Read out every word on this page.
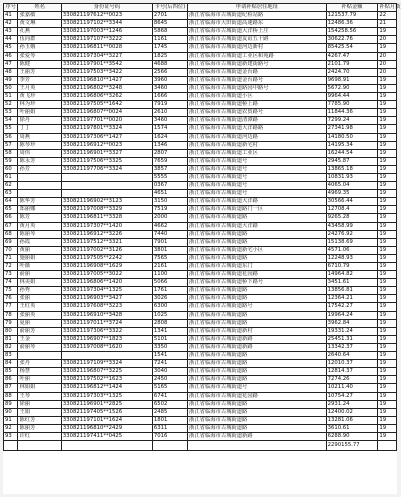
序号	姓名	身份证号码	卡号(后四位)	申请补贴居住地址	补贴金额	补贴月数
41	张嘉敏	330821197612**0023	2701	浙江省临海市古城街道纪检站路	121537.79	22
42	黄文琳	330821197102**3344	8645	浙江省临海市大田街道高速路东	12486.36	21
43	孔燕	330821197003**1246	5868	浙江省临海市古城街道大洋桥上庄	154258.56	19
44	伍向群	330821197107**3222	1161	浙江省临海市古城街道友谊五十路	30622.76	20
45	孙玉娥	330821196811**0028	1745	浙江省临海市古城街道河边新村	85425.54	19
46	张爱琴	330821197304**3227	1825	浙江省临海市古城街道工业区和苑路	4267.47	20
47	陈健	330821197901**3542	4688	浙江省临海市古城街道新建街路号	2101.79	20
48	王丽芳	330821197503**3422	2566	浙江省临海市古城街道金台路	2424.70	20
49	李芳	330821196810**1427	3960	浙江省临海市古城街道金台路号	9698.91	19
50	王月英	330821196802**3248	3460	浙江省临海市古城街道路园中路号	5672.90	19
51	黄飞珍	330821196806**3262	1666	浙江省临海市古城街道小区	9964.44	19
52	林为珍	330821197505**1642	7919	浙江省临海市古城街道桥上路	7785.90	19
53	叶丽娟	330821196807**0024	2610	浙江省临海市古城街道农贸路号	11844.36	19
54	徐丹	330821197701**0020	3460	浙江省临海市古城街道清潭路	7299.24	19
55	丁丁	330821197801**3324	1574	浙江省临海市古城街道大洋路路	27341.98	19
56	周燕	330821197306**1427	1624	浙江省临海市古城街道河边路	14180.50	19
57	陈琴珍	330821196912**0023	1346	浙江省临海市古城街道新宅村	14195.34	19
58	周伟	330821196901**3327	2807	浙江省临海市古城街道工业区	16244.54	19
59	陈永芳	330821197506**3325	7659	浙江省临海市古城街道号	2945.87	19
60	孙芳	330821197706**3324	3857	浙江省临海市古城街道号	13865.18	19
61			5555	浙江省临海市古城街道号	10831.93	19
62			0367	浙江省临海市古城街道号	4065.04	19
63			4651	浙江省临海市古城街道号	4969.35	19
64	陈华芳	330821196902**3123	3150	浙江省临海市古城街道大洋路	30566.44	19
65	郑丽娜	330821197008**3329	7519	浙江省临海市古城街道路门一区	12708.4	19
66	陈芳	330821196811**3328	2000	浙江省临海市古城街道路	9265.28	19
67	黄月英	330821197307**1420	4662	浙江省临海市古城街道大洋路	43458.99	19
68	陈丽琴	330821196912**3226	7440	浙江省临海市古城街道路	24276.92	19
69	孙霞	330821197512**3321	7901	浙江省临海市古城街道路	15138.69	19
70	黄丽	330821197002**3126	3801	浙江省临海市古城街道新宅小区	4571.06	19
71	施丽娟	330821197505**2242	7565	浙江省临海市古城街道路	12248.93	19
72	叶薇	330821196908**1629	2161	浙江省临海市古城街道东门	6710.79	19
73	俞丽	330821197005**3022	1100	浙江省临海市古城街道花园路	14964.82	19
74	林美娟	330821196806**1420	5066	浙江省临海市古城街道桥下路号	3451.61	19
75	孙秀	330821197304**1325	1761	浙江省临海市古城街道路	13856.81	19
76	张丽	330821196903**3427	3026	浙江省临海市古城街道路	12364.21	19
77	王红英	330821197608**3223	6300	浙江省临海市古城街道路号	17542.27	19
78	张丽英	330821196910**3428	1025	浙江省临海市古城街道路	19964.24	19
79	夏丽	330821197011**3724	2808	浙江省临海市古城街道路	3962.84	19
80	俞丽芳	330821197306**3322	1341	浙江省临海市古城街道新村	19331.24	19
81	王金	330821196907**1823	5101	浙江省临海市古城街道新路	25451.31	19
82	俞丽琴	330821197008**1620	3350	浙江省临海市古城街道新路	13342.37	19
83			1541	浙江省临海市古城街道路	2640.64	19
84	张丹	330821197109**3324	7241	浙江省临海市古城街道路	12010.37	19
85	杨慧	330821196807**3225	3040	浙江省临海市古城街道路	12814.37	19
86	叶丽	330821197502**1623	2450	浙江省临海市古城街道路	7274.26	19
87	林娟娟	330821196812**1424	5165	浙江省临海市古城街道号	10211.40	19
88	王琴	330821197303**1325	6741	浙江省临海市古城街道花园路	10754.27	19
89	徐丽	330821196901**2825	6502	浙江省临海市古城街道路	2931.24	19
90	王娟	330821197405**1526	2485	浙江省临海市古城街道路	12400.02	19
91	陈红芳	330821197101**1624	1801	浙江省临海市古城街道路	13281.06	19
92	陈丽芳	330821196810**2429	6311	浙江省临海市古城街道路	3610.61	19
93	许红	330821197411**0425	7016	浙江省临海市古城街道新路	6288.90	19
					2290155.77	
